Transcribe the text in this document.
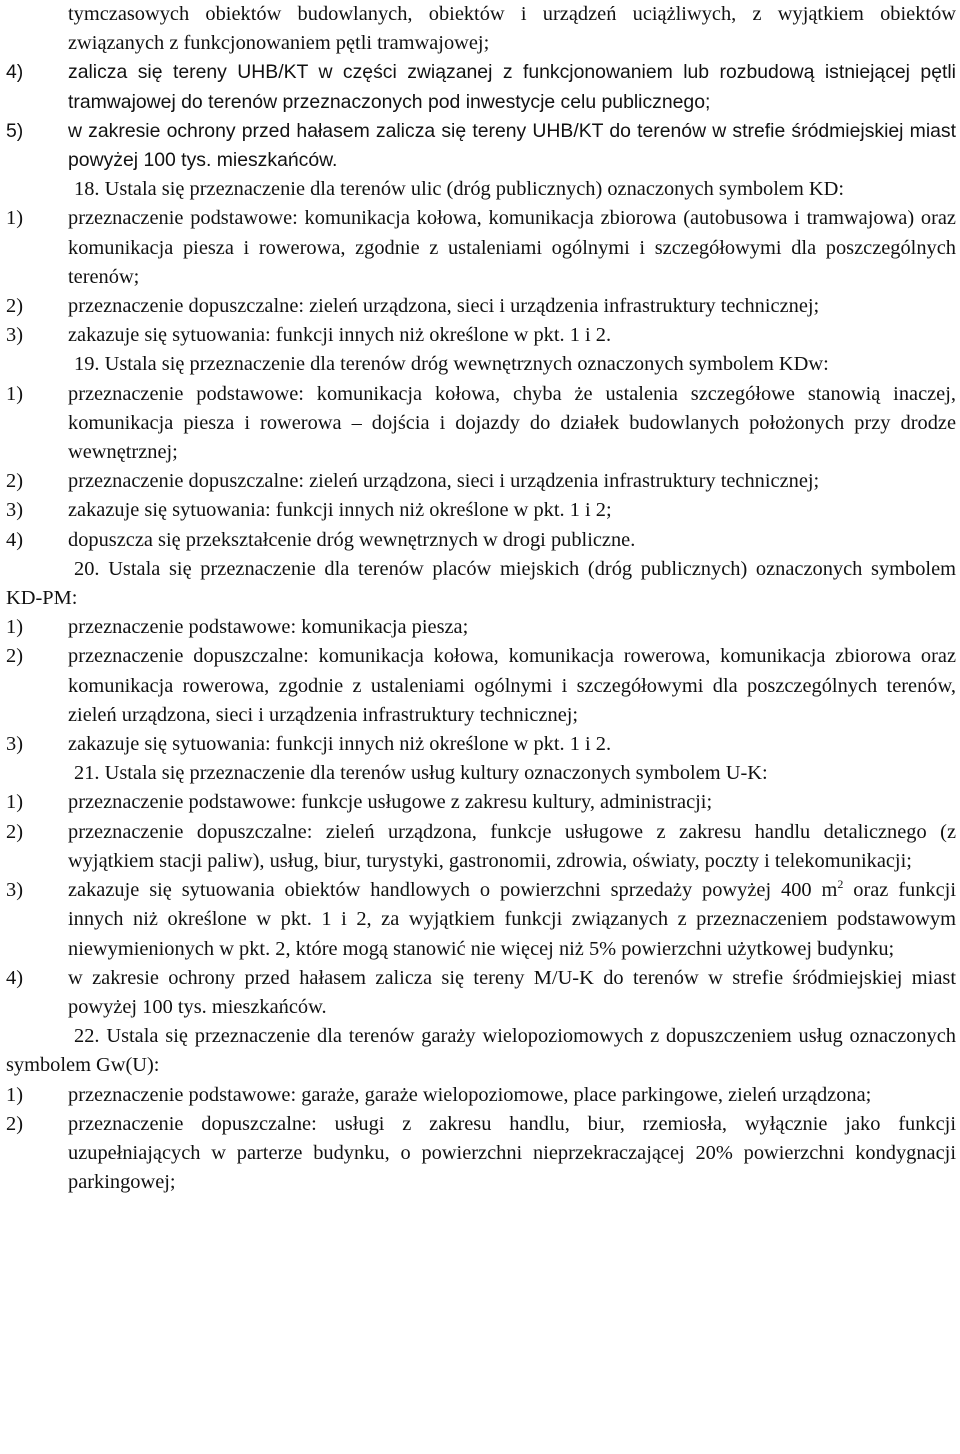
tymczasowych obiektów budowlanych, obiektów i urządzeń uciążliwych, z wyjątkiem obiektów związanych z funkcjonowaniem pętli tramwajowej;
4)	zalicza się tereny UHB/KT w części związanej z funkcjonowaniem lub rozbudową istniejącej pętli tramwajowej do terenów przeznaczonych pod inwestycje celu publicznego;
5)	w zakresie ochrony przed hałasem zalicza się tereny UHB/KT do terenów w strefie śródmiejskiej miast powyżej 100 tys. mieszkańców.
18. Ustala się przeznaczenie dla terenów ulic (dróg publicznych) oznaczonych symbolem KD:
1)	przeznaczenie podstawowe: komunikacja kołowa, komunikacja zbiorowa (autobusowa i tramwajowa) oraz komunikacja piesza i rowerowa, zgodnie z ustaleniami ogólnymi i szczegółowymi dla poszczególnych terenów;
2)	przeznaczenie dopuszczalne: zieleń urządzona, sieci i urządzenia infrastruktury technicznej;
3)	zakazuje się sytuowania: funkcji innych niż określone w pkt. 1 i 2.
19. Ustala się przeznaczenie dla terenów dróg wewnętrznych oznaczonych symbolem KDw:
1)	przeznaczenie podstawowe: komunikacja kołowa, chyba że ustalenia szczegółowe stanowią inaczej, komunikacja piesza i rowerowa – dojścia i dojazdy do działek budowlanych położonych przy drodze wewnętrznej;
2)	przeznaczenie dopuszczalne: zieleń urządzona, sieci i urządzenia infrastruktury technicznej;
3)	zakazuje się sytuowania: funkcji innych niż określone w pkt. 1 i 2;
4)	dopuszcza się przekształcenie dróg wewnętrznych w drogi publiczne.
20. Ustala się przeznaczenie dla terenów placów miejskich (dróg publicznych) oznaczonych symbolem KD-PM:
1)	przeznaczenie podstawowe: komunikacja piesza;
2)	przeznaczenie dopuszczalne: komunikacja kołowa, komunikacja rowerowa, komunikacja zbiorowa oraz komunikacja rowerowa, zgodnie z ustaleniami ogólnymi i szczegółowymi dla poszczególnych terenów, zieleń urządzona, sieci i urządzenia infrastruktury technicznej;
3)	zakazuje się sytuowania: funkcji innych niż określone w pkt. 1 i 2.
21. Ustala się przeznaczenie dla terenów usług kultury oznaczonych symbolem U-K:
1)	przeznaczenie podstawowe: funkcje usługowe z zakresu kultury, administracji;
2)	przeznaczenie dopuszczalne: zieleń urządzona, funkcje usługowe z zakresu handlu detalicznego (z wyjątkiem stacji paliw), usług, biur, turystyki, gastronomii, zdrowia, oświaty, poczty i telekomunikacji;
3)	zakazuje się sytuowania obiektów handlowych o powierzchni sprzedaży powyżej 400 $m^2$ oraz funkcji innych niż określone w pkt. 1 i 2, za wyjątkiem funkcji związanych z przeznaczeniem podstawowym niewymienionych w pkt. 2, które mogą stanowić nie więcej niż 5% powierzchni użytkowej budynku;
4)	w zakresie ochrony przed hałasem zalicza się tereny M/U-K do terenów w strefie śródmiejskiej miast powyżej 100 tys. mieszkańców.
22. Ustala się przeznaczenie dla terenów garaży wielopoziomowych z dopuszczeniem usług oznaczonych symbolem Gw(U):
1)	przeznaczenie podstawowe: garaże, garaże wielopoziomowe, place parkingowe, zieleń urządzona;
2)	przeznaczenie dopuszczalne: usługi z zakresu handlu, biur, rzemiosła, wyłącznie jako funkcji uzupełniających w parterze budynku, o powierzchni nieprzekraczającej 20% powierzchni kondygnacji parkingowej;
